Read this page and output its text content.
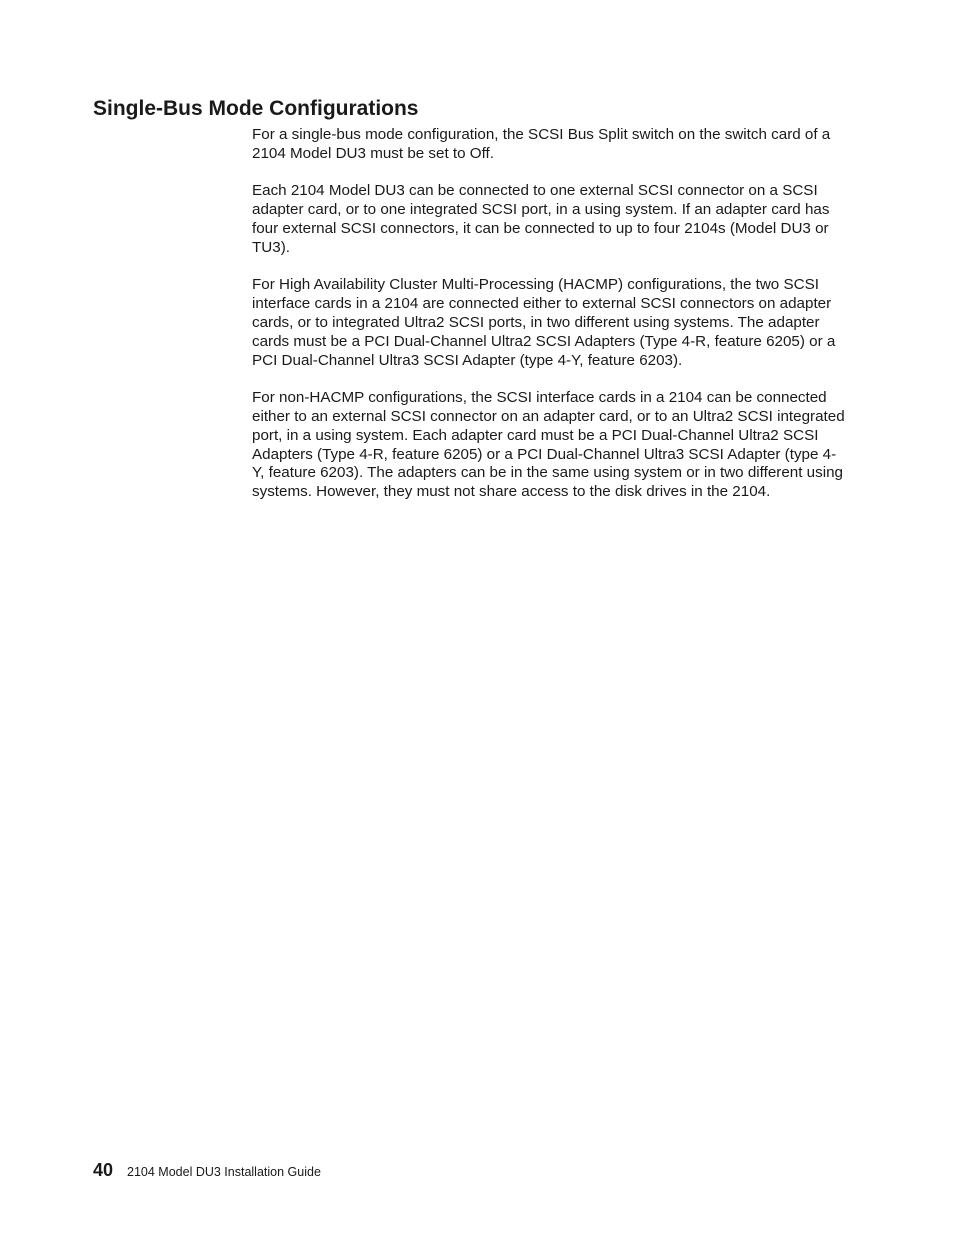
Single-Bus Mode Configurations

For a single-bus mode configuration, the SCSI Bus Split switch on the switch card of a 2104 Model DU3 must be set to Off.

Each 2104 Model DU3 can be connected to one external SCSI connector on a SCSI adapter card, or to one integrated SCSI port, in a using system. If an adapter card has four external SCSI connectors, it can be connected to up to four 2104s (Model DU3 or TU3).

For High Availability Cluster Multi-Processing (HACMP) configurations, the two SCSI interface cards in a 2104 are connected either to external SCSI connectors on adapter cards, or to integrated Ultra2 SCSI ports, in two different using systems. The adapter cards must be a PCI Dual-Channel Ultra2 SCSI Adapters (Type 4-R, feature 6205) or a PCI Dual-Channel Ultra3 SCSI Adapter (type 4-Y, feature 6203).

For non-HACMP configurations, the SCSI interface cards in a 2104 can be connected either to an external SCSI connector on an adapter card, or to an Ultra2 SCSI integrated port, in a using system. Each adapter card must be a PCI Dual-Channel Ultra2 SCSI Adapters (Type 4-R, feature 6205) or a PCI Dual-Channel Ultra3 SCSI Adapter (type 4-Y, feature 6203). The adapters can be in the same using system or in two different using systems. However, they must not share access to the disk drives in the 2104.

40 2104 Model DU3 Installation Guide
